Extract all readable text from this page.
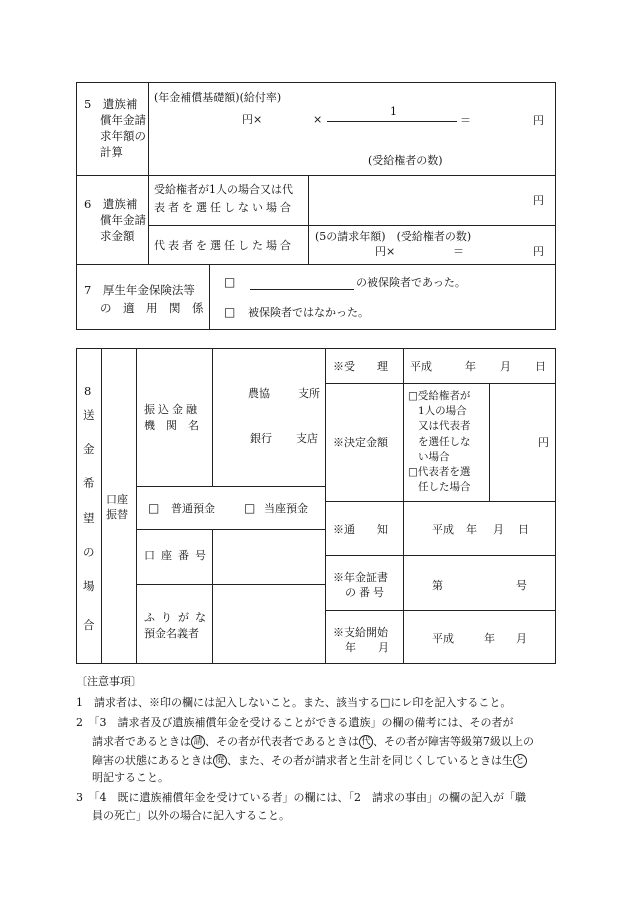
5　遺族補
償年金請
求年額の
計算
(年金補償基礎額)(給付率)
円×	×
1
＝	円
(受給権者の数)
6　遺族補
償年金請
求金額
受給権者が1人の場合又は代
表者を選任しない場合
円
代表者を選任した場合
(5の請求年額)　(受給権者の数)
円×	＝	円
7　厚生年金保険法等
の　適　用　関　係
□	の被保険者であった。
□ 被保険者ではなかった。
8
送
金
希
望
の
場
合
口座
振替
振込金融
機　関　名
農協	支所
銀行 支店
□ 普通預金 □ 当座預金
口座番号
ふりがな
預金名義者
※受　　理 平成	年 月 日
※決定金額
□受給権者が
1人の場合
又は代表者
を選任しな
い場合
□代表者を選
任した場合
円
※通　　知	平成 年 月 日
※年金証書
の番号
第	号
※支給開始
年　　月
平成	年 月
〔注意事項〕
1　請求者は、※印の欄には記入しないこと。また、該当する□にレ印を記入すること。
2　「3　請求者及び遺族補償年金を受けることができる遺族」の欄の備考には、その者が
請求者であるときは 請 、その者が代表者であるときは 代 、その者が障害等級第7級以上の
障害の状態にあるときは 廃 、また、その者が請求者と生計を同じくしているときは生 と
明記すること。
3　「4　既に遺族補償年金を受けている者」の欄には、「2　請求の事由」の欄の記入が「職
員の死亡」以外の場合に記入すること。
